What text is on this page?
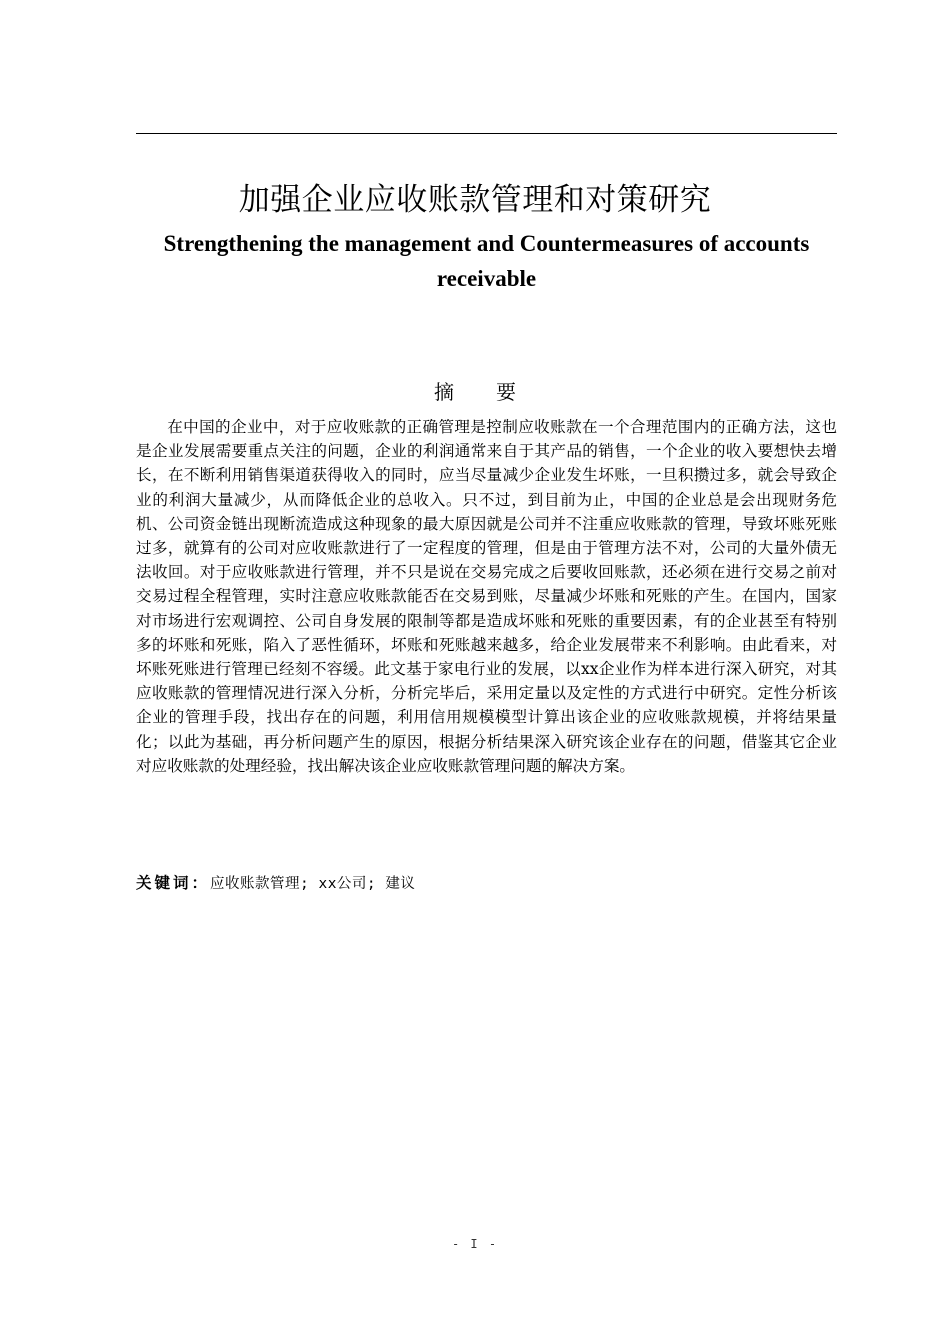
加强企业应收账款管理和对策研究
Strengthening the management and Countermeasures of accounts receivable
摘要

在中国的企业中，对于应收账款的正确管理是控制应收账款在一个合理范围内的正确方法，这也是企业发展需要重点关注的问题，企业的利润通常来自于其产品的销售，一个企业的收入要想快去增长，在不断利用销售渠道获得收入的同时，应当尽量减少企业发生坏账，一旦积攒过多，就会导致企业的利润大量减少，从而降低企业的总收入。只不过，到目前为止，中国的企业总是会出现财务危机、公司资金链出现断流造成这种现象的最大原因就是公司并不注重应收账款的管理，导致坏账死账过多，就算有的公司对应收账款进行了一定程度的管理，但是由于管理方法不对，公司的大量外债无法收回。对于应收账款进行管理，并不只是说在交易完成之后要收回账款，还必须在进行交易之前对交易过程全程管理，实时注意应收账款能否在交易到账，尽量减少坏账和死账的产生。在国内，国家对市场进行宏观调控、公司自身发展的限制等都是造成坏账和死账的重要因素，有的企业甚至有特别多的坏账和死账，陷入了恶性循环，坏账和死账越来越多，给企业发展带来不利影响。由此看来，对坏账死账进行管理已经刻不容缓。此文基于家电行业的发展，以xx企业作为样本进行深入研究，对其应收账款的管理情况进行深入分析，分析完毕后，采用定量以及定性的方式进行中研究。定性分析该企业的管理手段，找出存在的问题，利用信用规模模型计算出该企业的应收账款规模，并将结果量化；以此为基础，再分析问题产生的原因，根据分析结果深入研究该企业存在的问题，借鉴其它企业对应收账款的处理经验，找出解决该企业应收账款管理问题的解决方案。

关键词：应收账款管理; xx公司; 建议
- I -
